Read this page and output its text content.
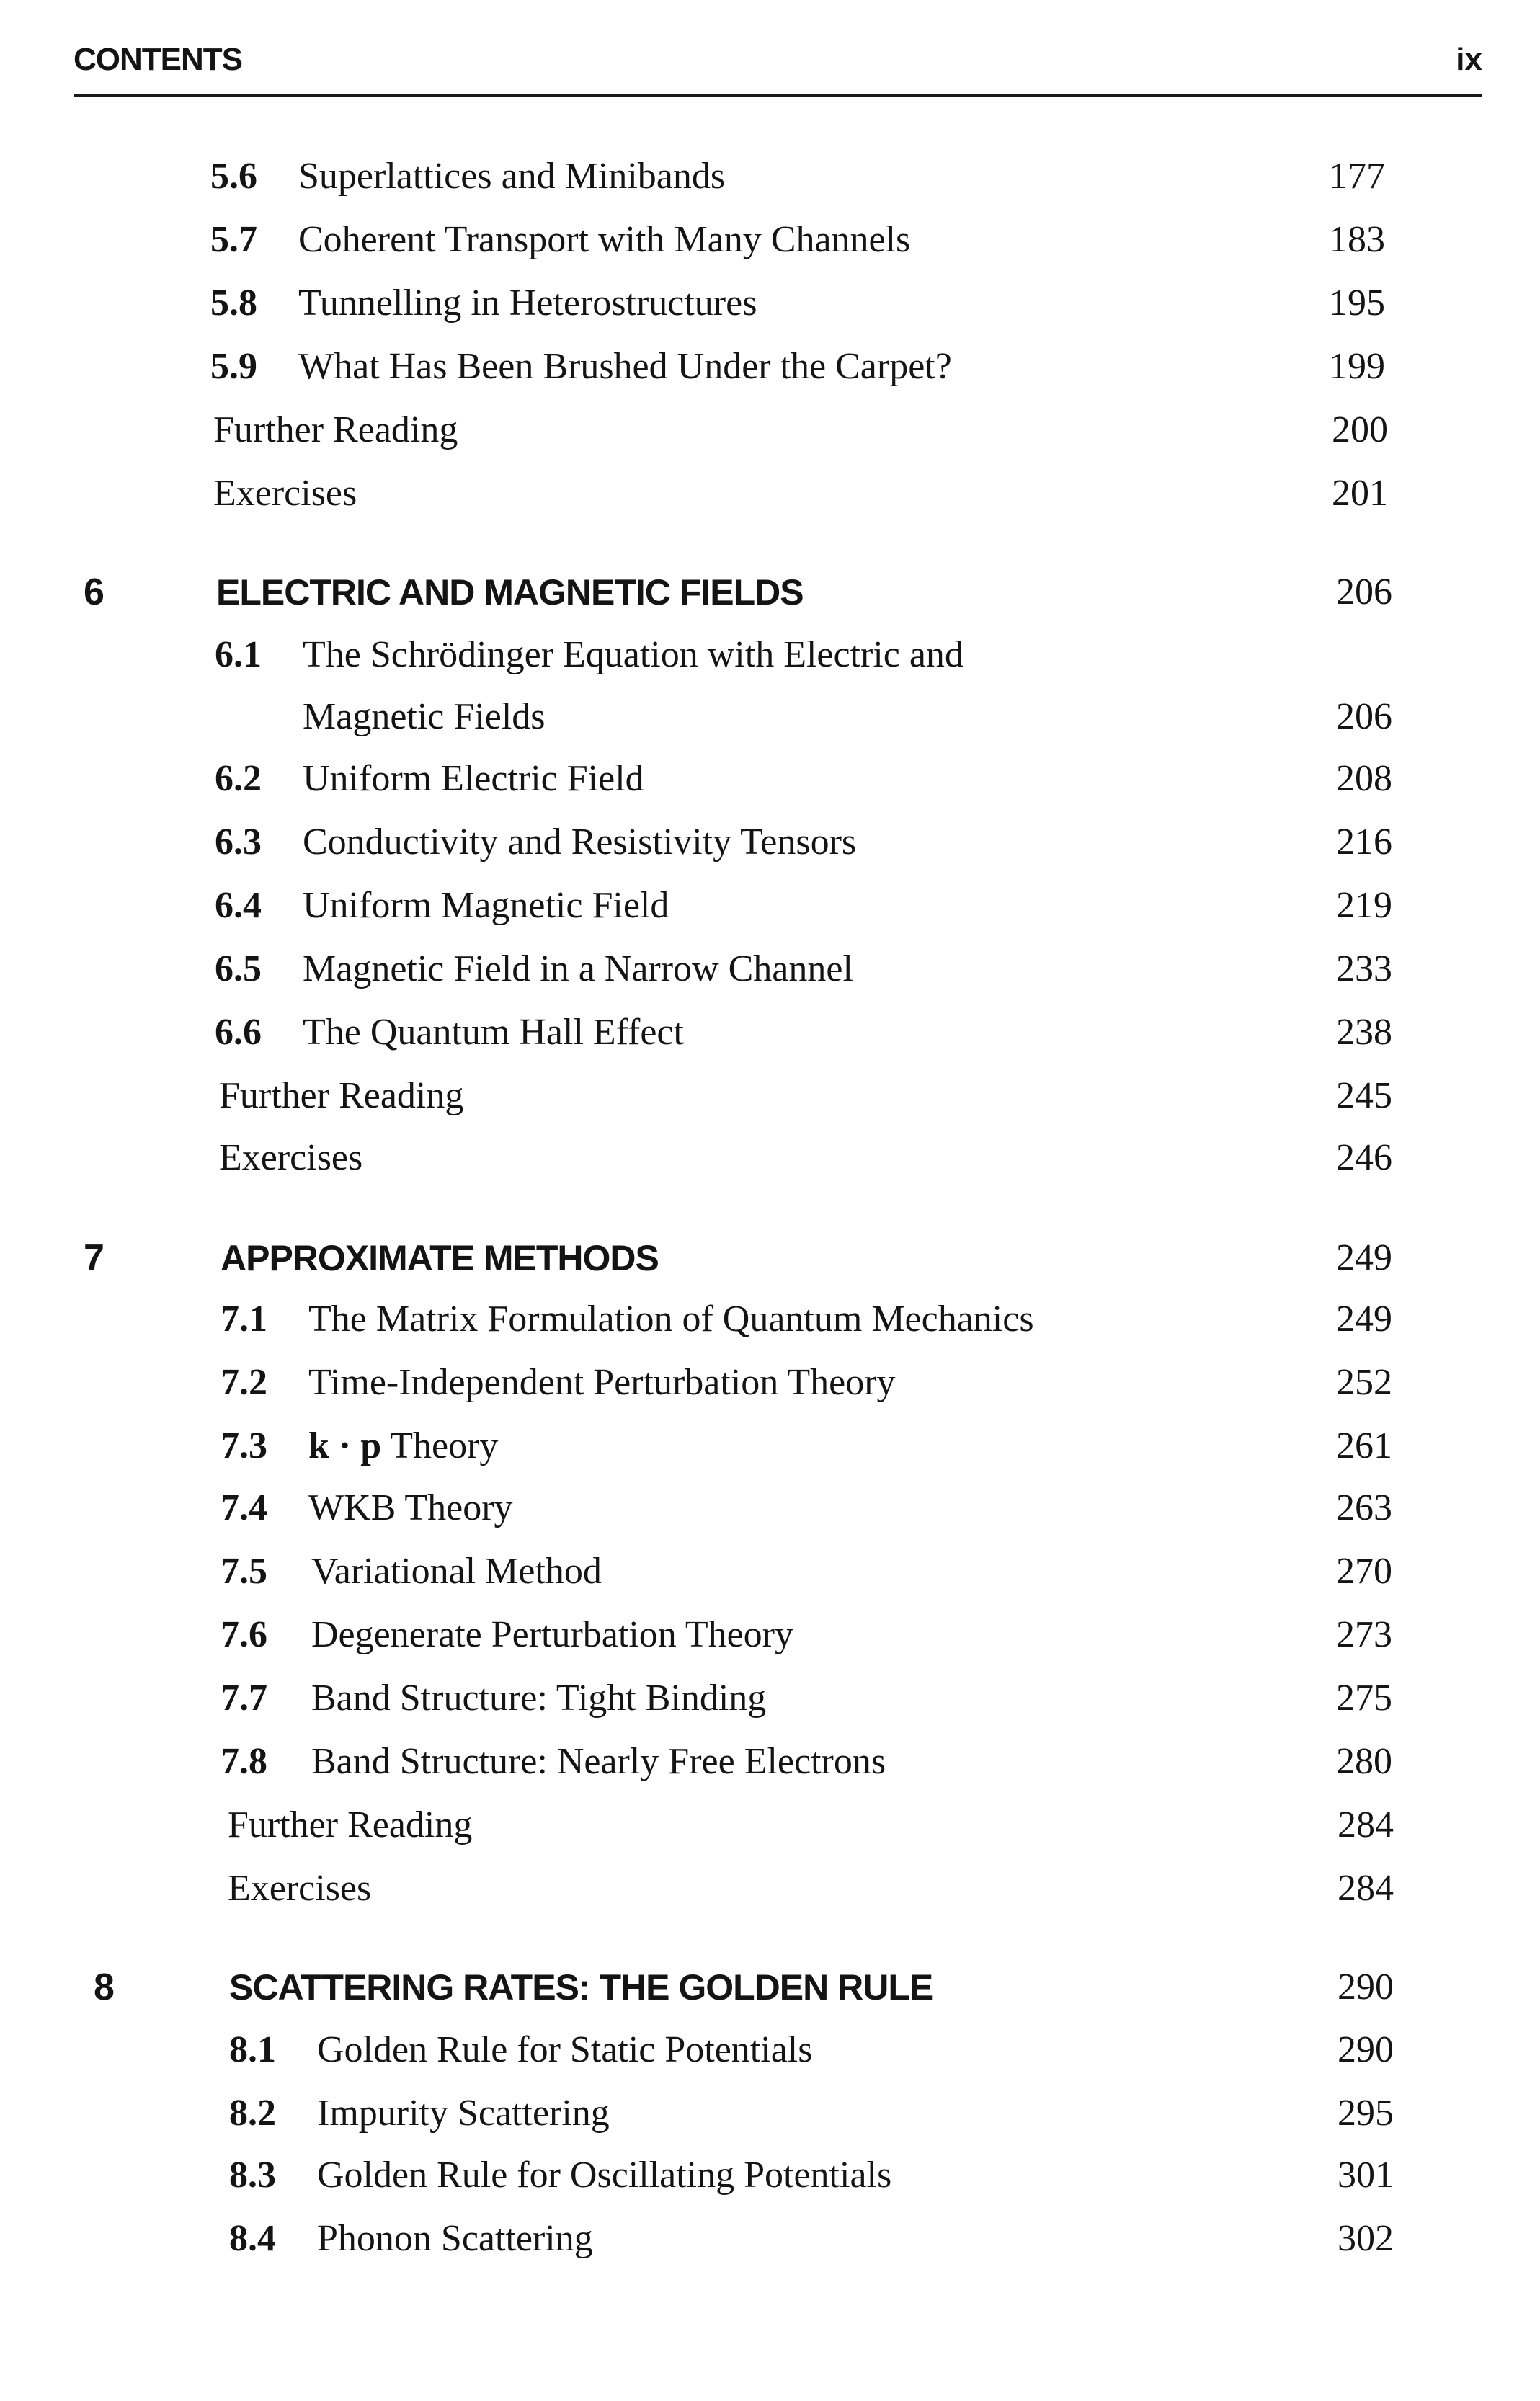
CONTENTS	ix
5.6 Superlattices and Minibands	177
5.7 Coherent Transport with Many Channels	183
5.8 Tunnelling in Heterostructures	195
5.9 What Has Been Brushed Under the Carpet?	199
Further Reading	200
Exercises	201
6	ELECTRIC AND MAGNETIC FIELDS	206
6.1 The Schrödinger Equation with Electric and
Magnetic Fields	206
6.2 Uniform Electric Field	208
6.3 Conductivity and Resistivity Tensors	216
6.4 Uniform Magnetic Field	219
6.5 Magnetic Field in a Narrow Channel	233
6.6 The Quantum Hall Effect	238
Further Reading	245
Exercises	246
7	APPROXIMATE METHODS	249
7.1 The Matrix Formulation of Quantum Mechanics	249
7.2 Time-Independent Perturbation Theory	252
7.3 k · p Theory	261
7.4 WKB Theory	263
7.5 Variational Method	270
7.6 Degenerate Perturbation Theory	273
7.7 Band Structure: Tight Binding	275
7.8 Band Structure: Nearly Free Electrons	280
Further Reading	284
Exercises	284
8	SCATTERING RATES: THE GOLDEN RULE	290
8.1 Golden Rule for Static Potentials	290
8.2 Impurity Scattering	295
8.3 Golden Rule for Oscillating Potentials	301
8.4 Phonon Scattering	302
